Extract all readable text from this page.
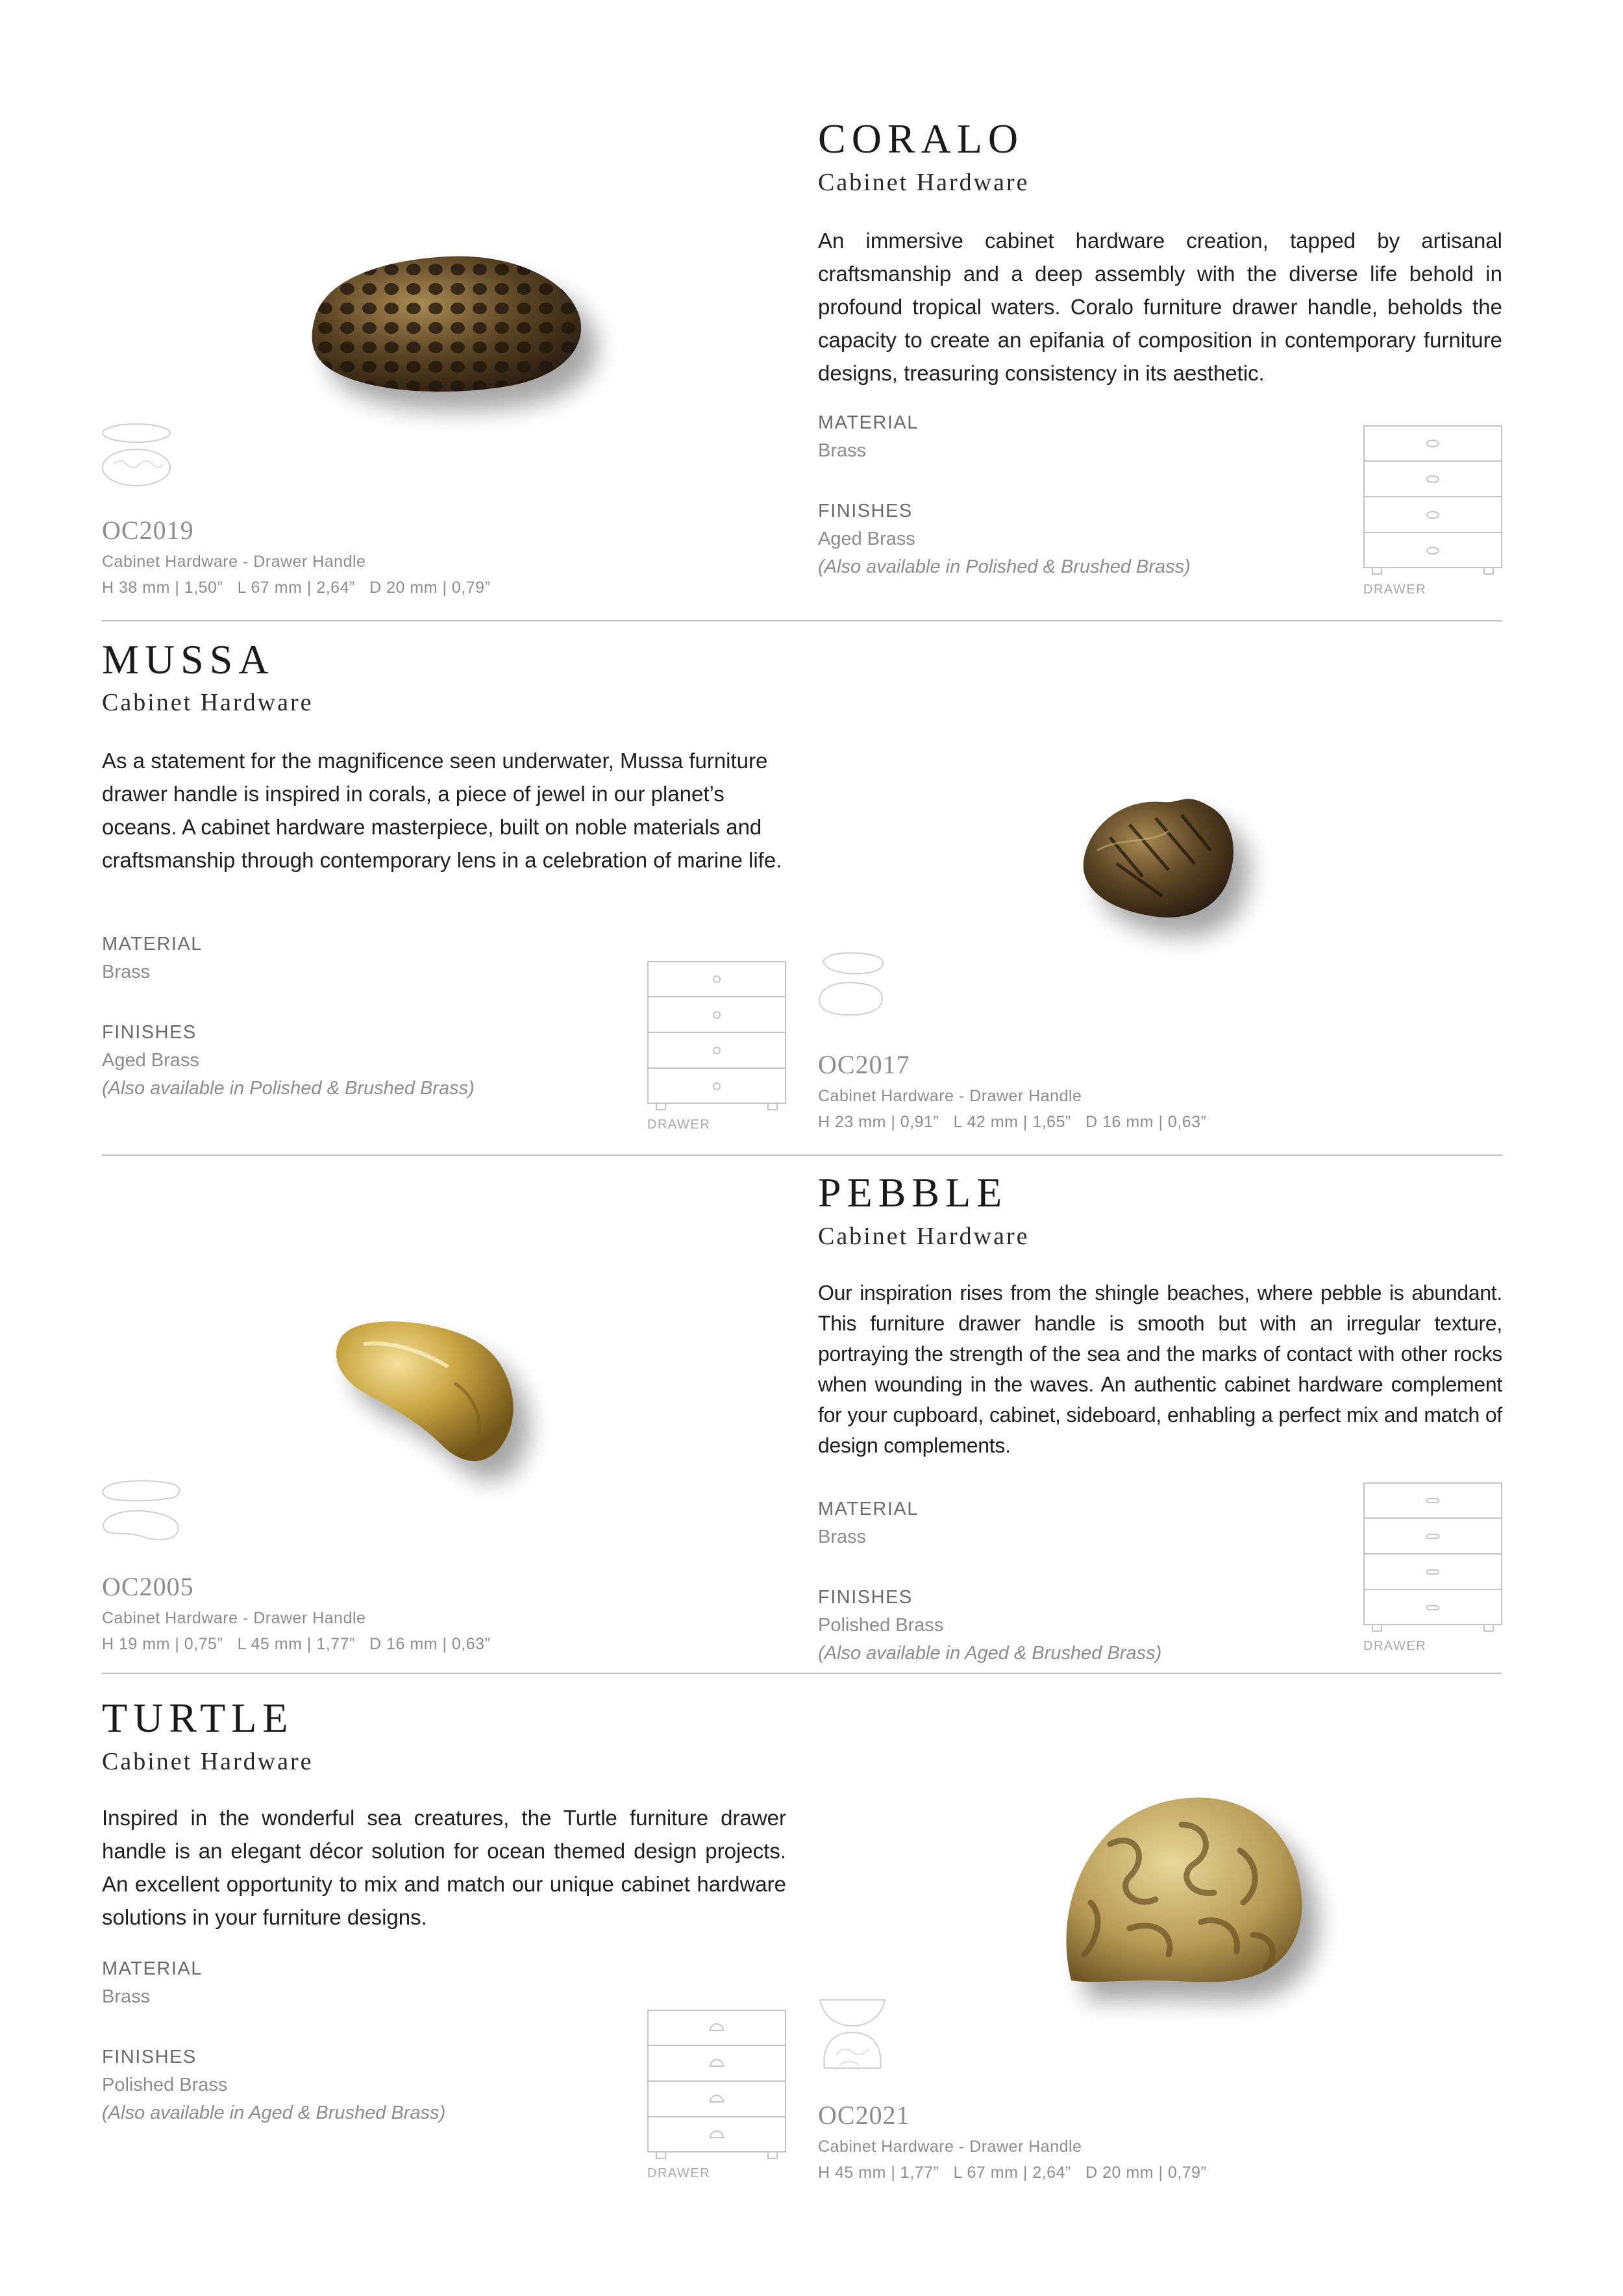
CORALO
Cabinet Hardware
An immersive cabinet hardware creation, tapped by artisanal craftsmanship and a deep assembly with the diverse life behold in profound tropical waters. Coralo furniture drawer handle, beholds the capacity to create an epifania of composition in contemporary furniture designs, treasuring consistency in its aesthetic.
MATERIAL
Brass
FINISHES
Aged Brass
(Also available in Polished & Brushed Brass)
OC2019
Cabinet Hardware - Drawer Handle
H 38 mm | 1,50”   L 67 mm | 2,64”   D 20 mm | 0,79”	DRAWER
MUSSA
Cabinet Hardware
As a statement for the magnificence seen underwater, Mussa furniture drawer handle is inspired in corals, a piece of jewel in our planet’s oceans. A cabinet hardware masterpiece, built on noble materials and craftsmanship through contemporary lens in a celebration of marine life.
MATERIAL
Brass
FINISHES
Aged Brass
(Also available in Polished & Brushed Brass)
DRAWER
OC2017
Cabinet Hardware - Drawer Handle
H 23 mm | 0,91”   L 42 mm | 1,65”   D 16 mm | 0,63”
PEBBLE
Cabinet Hardware
Our inspiration rises from the shingle beaches, where pebble is abundant. This furniture drawer handle is smooth but with an irregular texture, portraying the strength of the sea and the marks of contact with other rocks when wounding in the waves. An authentic cabinet hardware complement for your cupboard, cabinet, sideboard, enhabling a perfect mix and match of design complements.
MATERIAL
Brass
FINISHES
Polished Brass
(Also available in Aged & Brushed Brass)
OC2005
Cabinet Hardware - Drawer Handle
H 19 mm | 0,75”   L 45 mm | 1,77”   D 16 mm | 0,63”	DRAWER
TURTLE
Cabinet Hardware
Inspired in the wonderful sea creatures, the Turtle furniture drawer handle is an elegant décor solution for ocean themed design projects. An excellent opportunity to mix and match our unique cabinet hardware solutions in your furniture designs.
MATERIAL
Brass
FINISHES
Polished Brass
(Also available in Aged & Brushed Brass)
DRAWER
OC2021
Cabinet Hardware - Drawer Handle
H 45 mm | 1,77”   L 67 mm | 2,64”   D 20 mm | 0,79”
